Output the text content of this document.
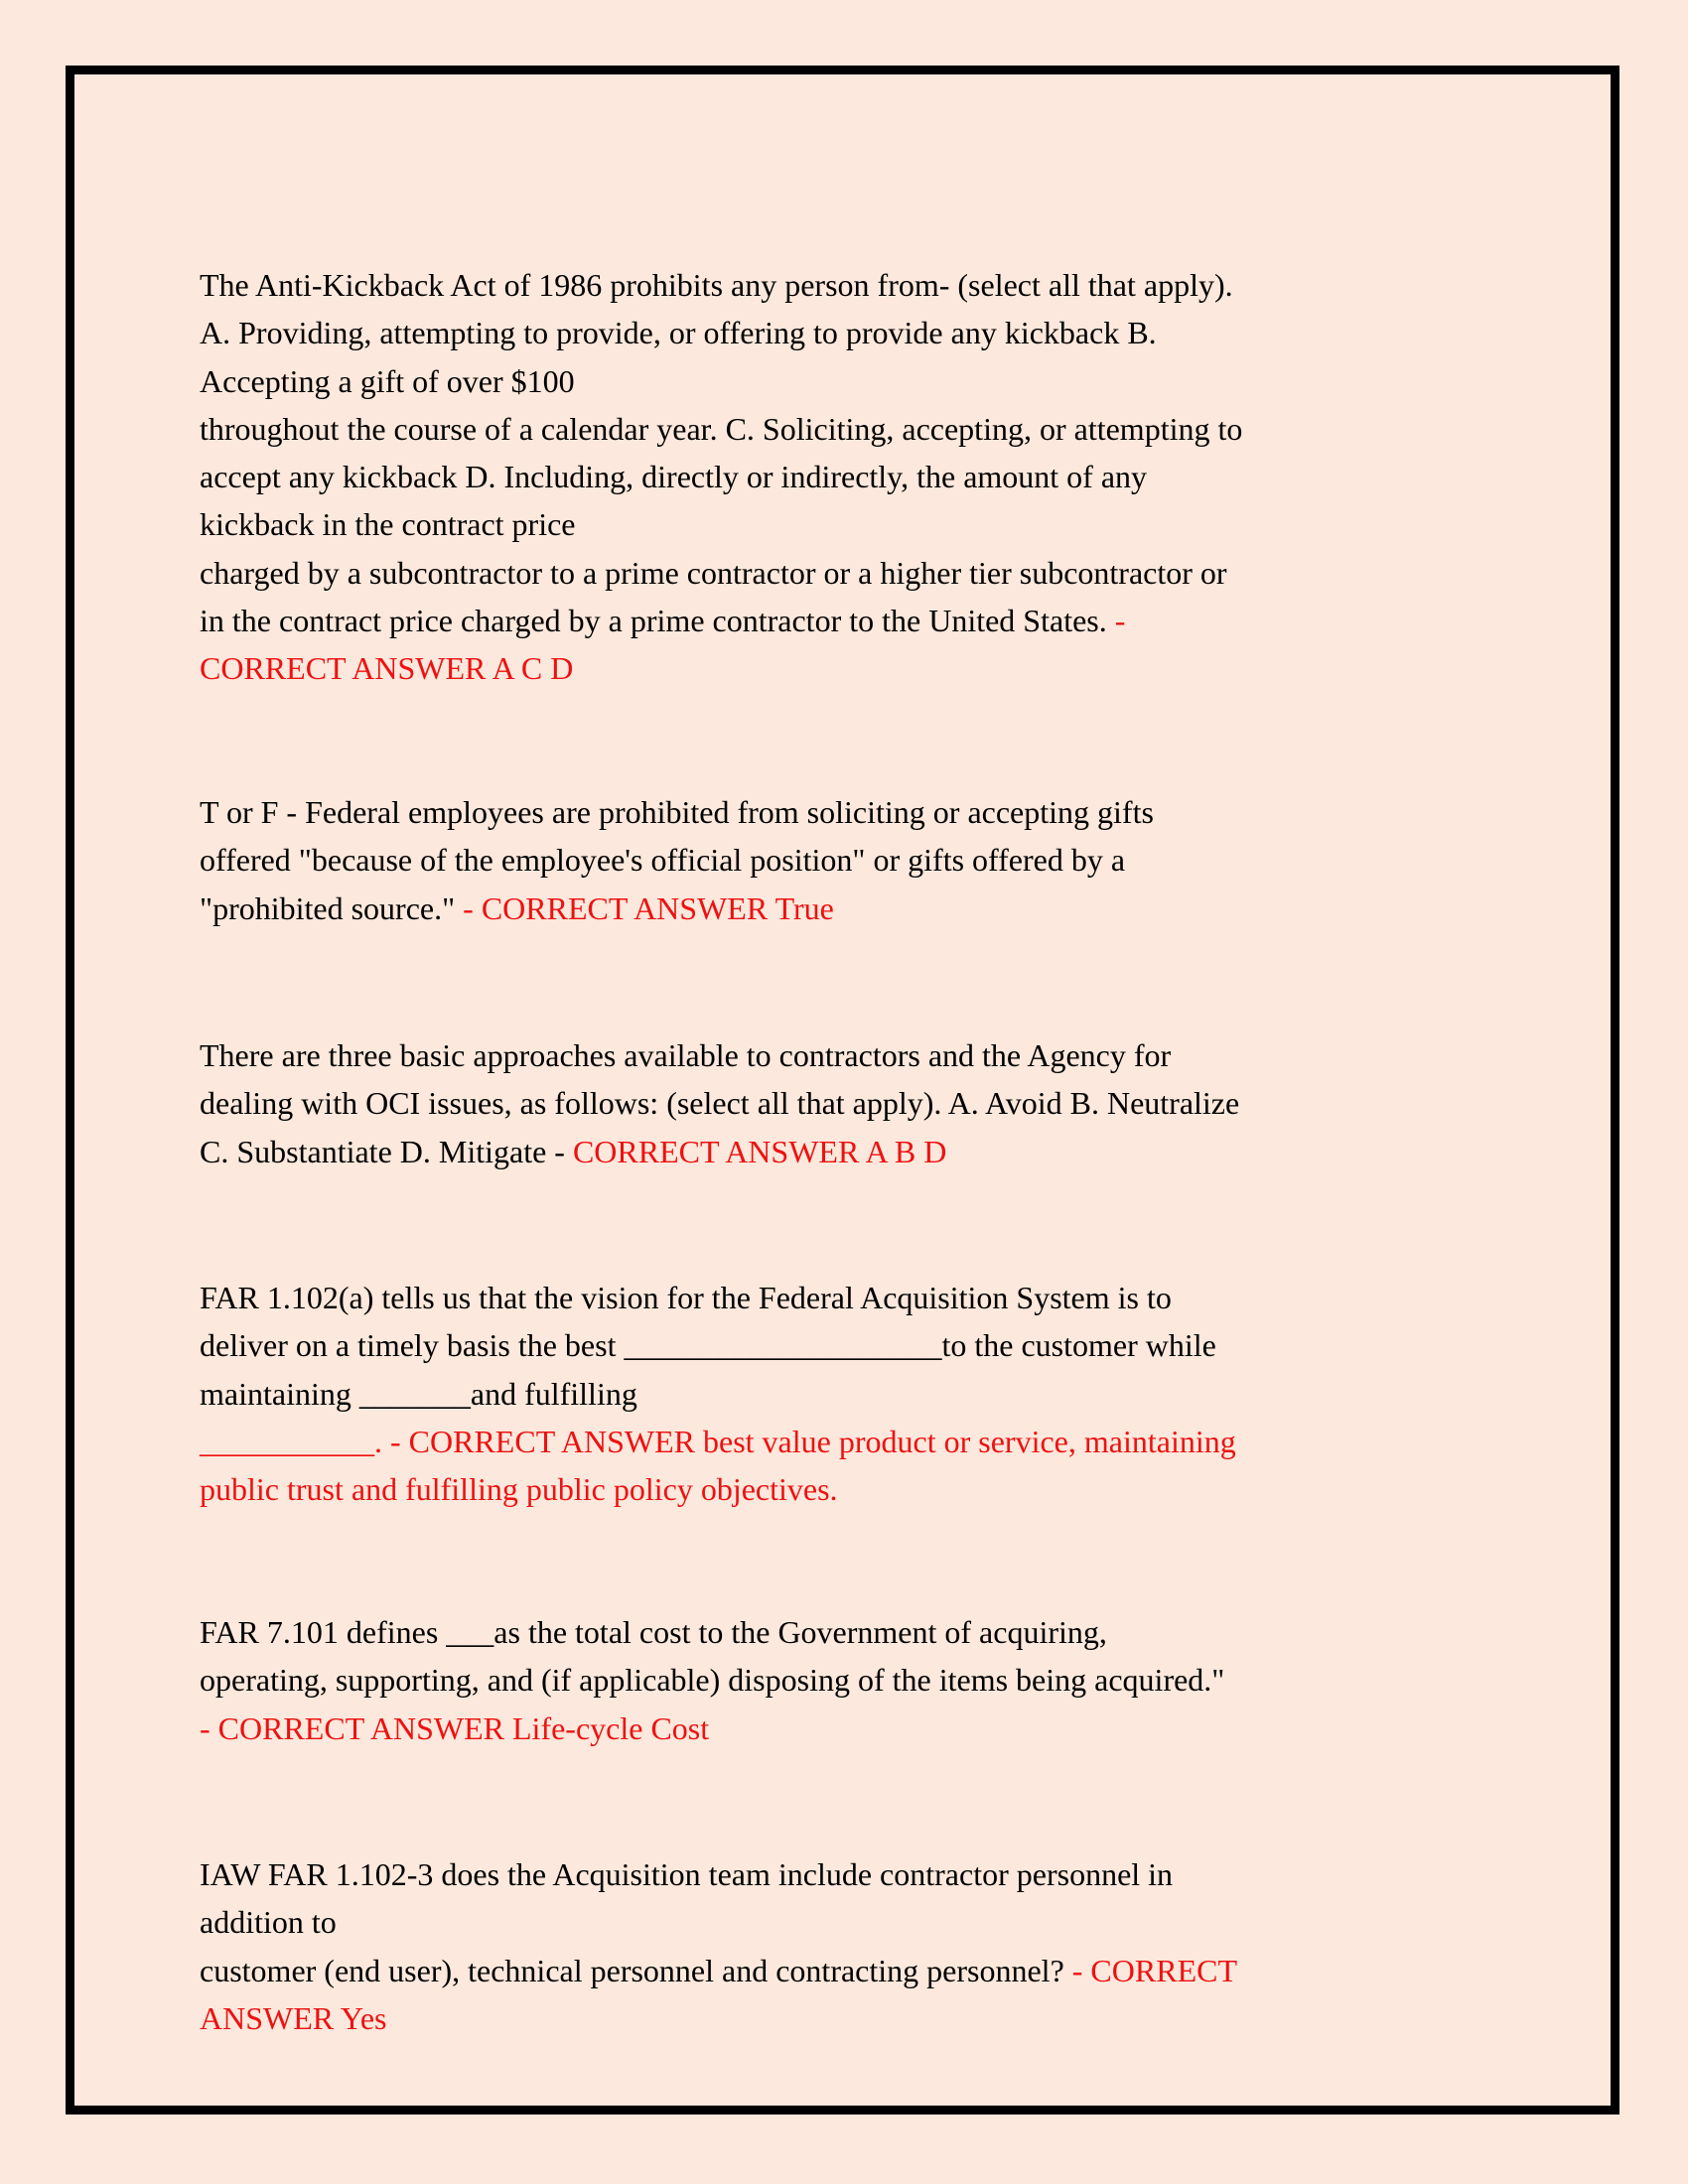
The Anti-Kickback Act of 1986 prohibits any person from- (select all that apply).
A. Providing, attempting to provide, or offering to provide any kickback B.
Accepting a gift of over $100
throughout the course of a calendar year. C. Soliciting, accepting, or attempting to
accept any kickback D. Including, directly or indirectly, the amount of any
kickback in the contract price
charged by a subcontractor to a prime contractor or a higher tier subcontractor or
in the contract price charged by a prime contractor to the United States. -
CORRECT ANSWER A C D
T or F - Federal employees are prohibited from soliciting or accepting gifts
offered "because of the employee's official position" or gifts offered by a
"prohibited source." - CORRECT ANSWER True
There are three basic approaches available to contractors and the Agency for
dealing with OCI issues, as follows: (select all that apply). A. Avoid B. Neutralize
C. Substantiate D. Mitigate - CORRECT ANSWER A B D
FAR 1.102(a) tells us that the vision for the Federal Acquisition System is to
deliver on a timely basis the best ____________________to the customer while
maintaining _______and fulfilling
___________. - CORRECT ANSWER best value product or service, maintaining
public trust and fulfilling public policy objectives.
FAR 7.101 defines ___as the total cost to the Government of acquiring,
operating, supporting, and (if applicable) disposing of the items being acquired."
- CORRECT ANSWER Life-cycle Cost
IAW FAR 1.102-3 does the Acquisition team include contractor personnel in
addition to
customer (end user), technical personnel and contracting personnel? - CORRECT
ANSWER Yes
